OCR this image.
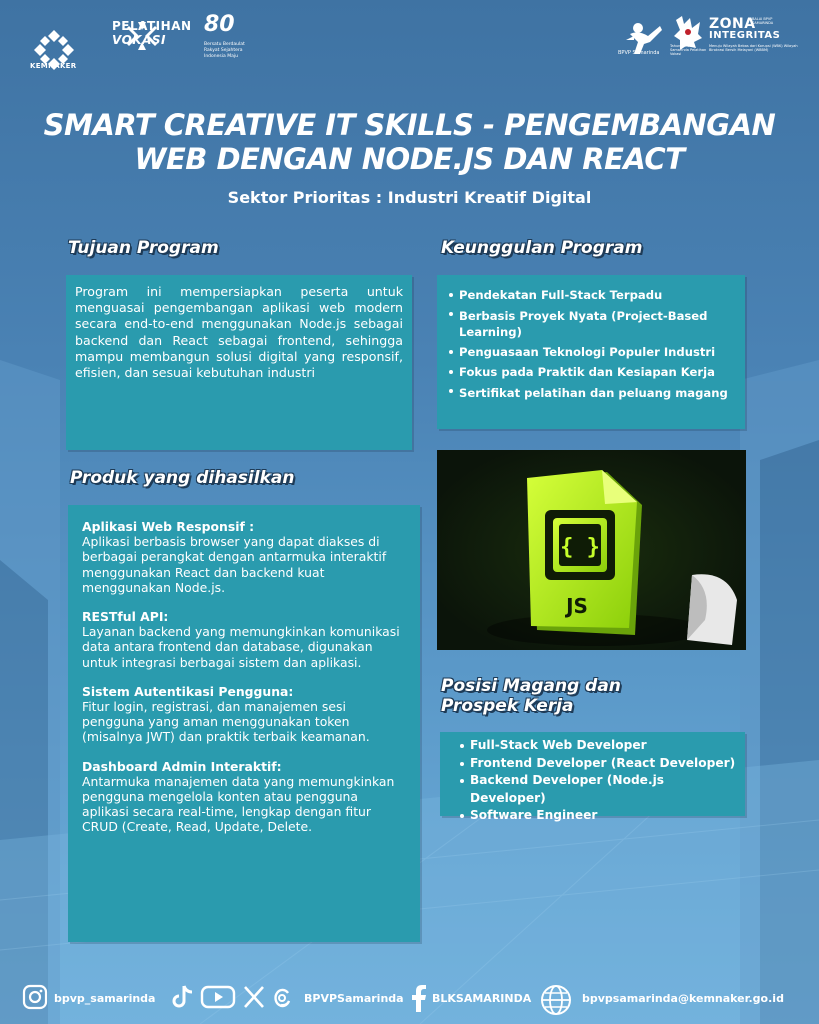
KEMNAKER
PELATIHAN
VOKASI
80
Bersatu Berdaulat Rakyat Sejahtera Indonesia Maju
BPVP Samarinda
Tahun Kreatif Samarinda Pelatihan Vokasi
ZONA
BALAI BPVP SAMARINDA
INTEGRITAS
Menuju Wilayah Bebas dari Korupsi (WBK) Wilayah Birokrasi Bersih Melayani (WBBM)
SMART CREATIVE IT SKILLS - PENGEMBANGAN WEB DENGAN NODE.JS DAN REACT
Sektor Prioritas : Industri Kreatif Digital
Tujuan Program
Program ini mempersiapkan peserta untuk menguasai pengembangan aplikasi web modern secara end-to-end menggunakan Node.js sebagai backend dan React sebagai frontend, sehingga mampu membangun solusi digital yang responsif, efisien, dan sesuai kebutuhan industri
Keunggulan Program
Pendekatan Full-Stack Terpadu
Berbasis Proyek Nyata (Project-Based Learning)
Penguasaan Teknologi Populer Industri
Fokus pada Praktik dan Kesiapan Kerja
Sertifikat pelatihan dan peluang magang
Produk yang dihasilkan
Aplikasi Web Responsif :
Aplikasi berbasis browser yang dapat diakses di berbagai perangkat dengan antarmuka interaktif menggunakan React dan backend kuat menggunakan Node.js.
RESTful API:
Layanan backend yang memungkinkan komunikasi data antara frontend dan database, digunakan untuk integrasi berbagai sistem dan aplikasi.
Sistem Autentikasi Pengguna:
Fitur login, registrasi, dan manajemen sesi pengguna yang aman menggunakan token (misalnya JWT) dan praktik terbaik keamanan.
Dashboard Admin Interaktif:
Antarmuka manajemen data yang memungkinkan pengguna mengelola konten atau pengguna aplikasi secara real-time, lengkap dengan fitur CRUD (Create, Read, Update, Delete.
{ }
JS
Posisi Magang dan
Prospek Kerja
Full-Stack Web Developer
Frontend Developer (React Developer)
Backend Developer (Node.js Developer)
Software Engineer
bpvp_samarinda	BPVPSamarinda	BLKSAMARINDA	bpvpsamarinda@kemnaker.go.id
